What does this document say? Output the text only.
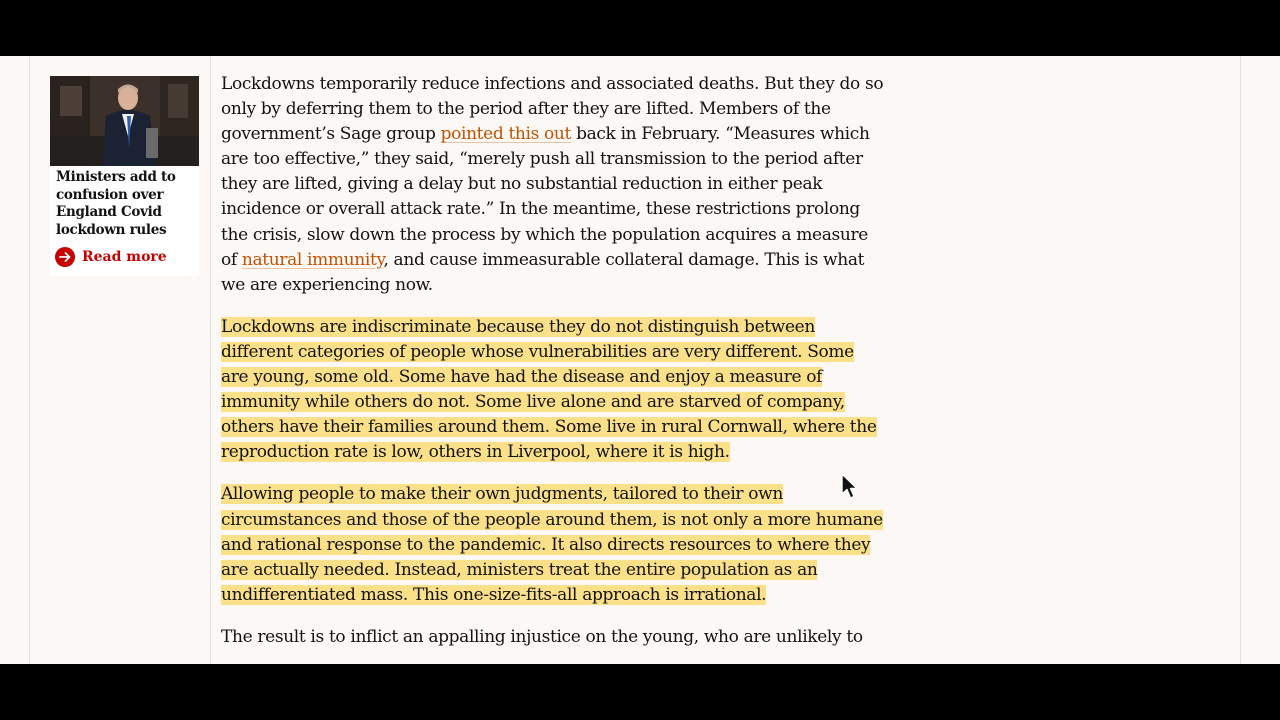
Ministers add to confusion over England Covid lockdown rules
Read more

Lockdowns temporarily reduce infections and associated deaths. But they do so only by deferring them to the period after they are lifted. Members of the government’s Sage group pointed this out back in February. “Measures which are too effective,” they said, “merely push all transmission to the period after they are lifted, giving a delay but no substantial reduction in either peak incidence or overall attack rate.” In the meantime, these restrictions prolong the crisis, slow down the process by which the population acquires a measure of natural immunity, and cause immeasurable collateral damage. This is what we are experiencing now.

Lockdowns are indiscriminate because they do not distinguish between different categories of people whose vulnerabilities are very different. Some are young, some old. Some have had the disease and enjoy a measure of immunity while others do not. Some live alone and are starved of company, others have their families around them. Some live in rural Cornwall, where the reproduction rate is low, others in Liverpool, where it is high.

Allowing people to make their own judgments, tailored to their own circumstances and those of the people around them, is not only a more humane and rational response to the pandemic. It also directs resources to where they are actually needed. Instead, ministers treat the entire population as an undifferentiated mass. This one-size-fits-all approach is irrational.

The result is to inflict an appalling injustice on the young, who are unlikely to
